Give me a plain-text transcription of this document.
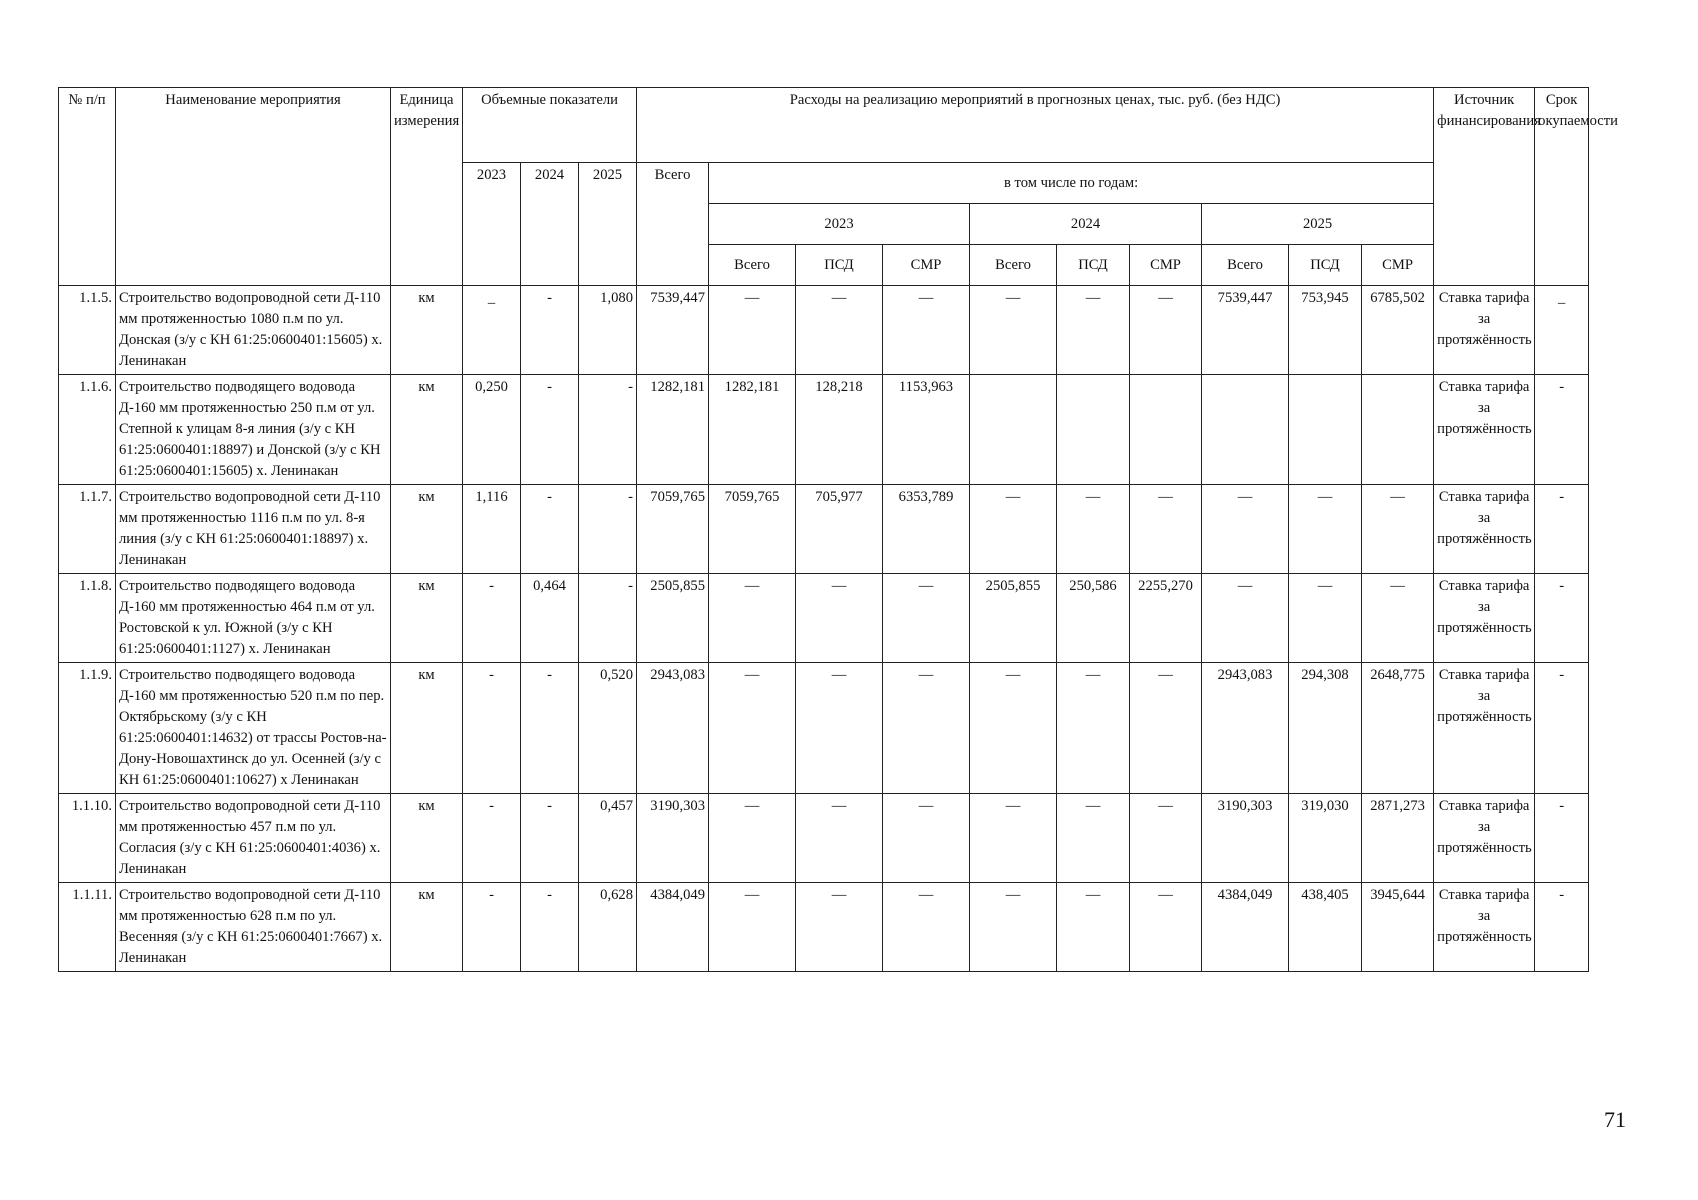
№ п/п	Наименование мероприятия	Единица измерения	Объемные показатели			Расходы на реализацию мероприятий в прогнозных ценах, тыс. руб. (без НДС)										Источник финансирования	Срок окупаемости
			2023	2024	2025	Всего	в том числе по годам:										
							2023			2024			2025				
							Всего	ПСД	СМР	Всего	ПСД	СМР	Всего	ПСД	СМР		
1.1.5.	Строительство водопроводной сети Д-110 мм протяженностью 1080 п.м по ул. Донская (з/у с КН 61:25:0600401:15605) х. Ленинакан	км	_	-	1,080	7539,447	—	—	—	—	—	—	7539,447	753,945	6785,502	Ставка тарифа за протяжённость	_
1.1.6.	Строительство подводящего водовода Д-160 мм протяженностью 250 п.м от ул. Степной к улицам 8-я линия (з/у с КН 61:25:0600401:18897) и Донской (з/у с КН 61:25:0600401:15605) х. Ленинакан	км	0,250	-	-	1282,181	1282,181	128,218	1153,963							Ставка тарифа за протяжённость	-
1.1.7.	Строительство водопроводной сети Д-110 мм протяженностью 1116 п.м по ул. 8-я линия (з/у с КН 61:25:0600401:18897) х. Ленинакан	км	1,116	-	-	7059,765	7059,765	705,977	6353,789	—	—	—	—	—	—	Ставка тарифа за протяжённость	-
1.1.8.	Строительство подводящего водовода Д-160 мм протяженностью 464 п.м от ул. Ростовской к ул. Южной (з/у с КН 61:25:0600401:1127) х. Ленинакан	км	-	0,464	-	2505,855	—	—	—	2505,855	250,586	2255,270	—	—	—	Ставка тарифа за протяжённость	-
1.1.9.	Строительство подводящего водовода Д-160 мм протяженностью 520 п.м по пер. Октябрьскому (з/у с КН 61:25:0600401:14632) от трассы Ростов-на-Дону-Новошахтинск до ул. Осенней (з/у с КН 61:25:0600401:10627) х Ленинакан	км	-	-	0,520	2943,083	—	—	—	—	—	—	2943,083	294,308	2648,775	Ставка тарифа за протяжённость	-
1.1.10.	Строительство водопроводной сети Д-110 мм протяженностью 457 п.м по ул. Согласия (з/у с КН 61:25:0600401:4036) х. Ленинакан	км	-	-	0,457	3190,303	—	—	—	—	—	—	3190,303	319,030	2871,273	Ставка тарифа за протяжённость	-
1.1.11.	Строительство водопроводной сети Д-110 мм протяженностью 628 п.м по ул. Весенняя (з/у с КН 61:25:0600401:7667) х. Ленинакан	км	-	-	0,628	4384,049	—	—	—	—	—	—	4384,049	438,405	3945,644	Ставка тарифа за протяжённость	-
71
